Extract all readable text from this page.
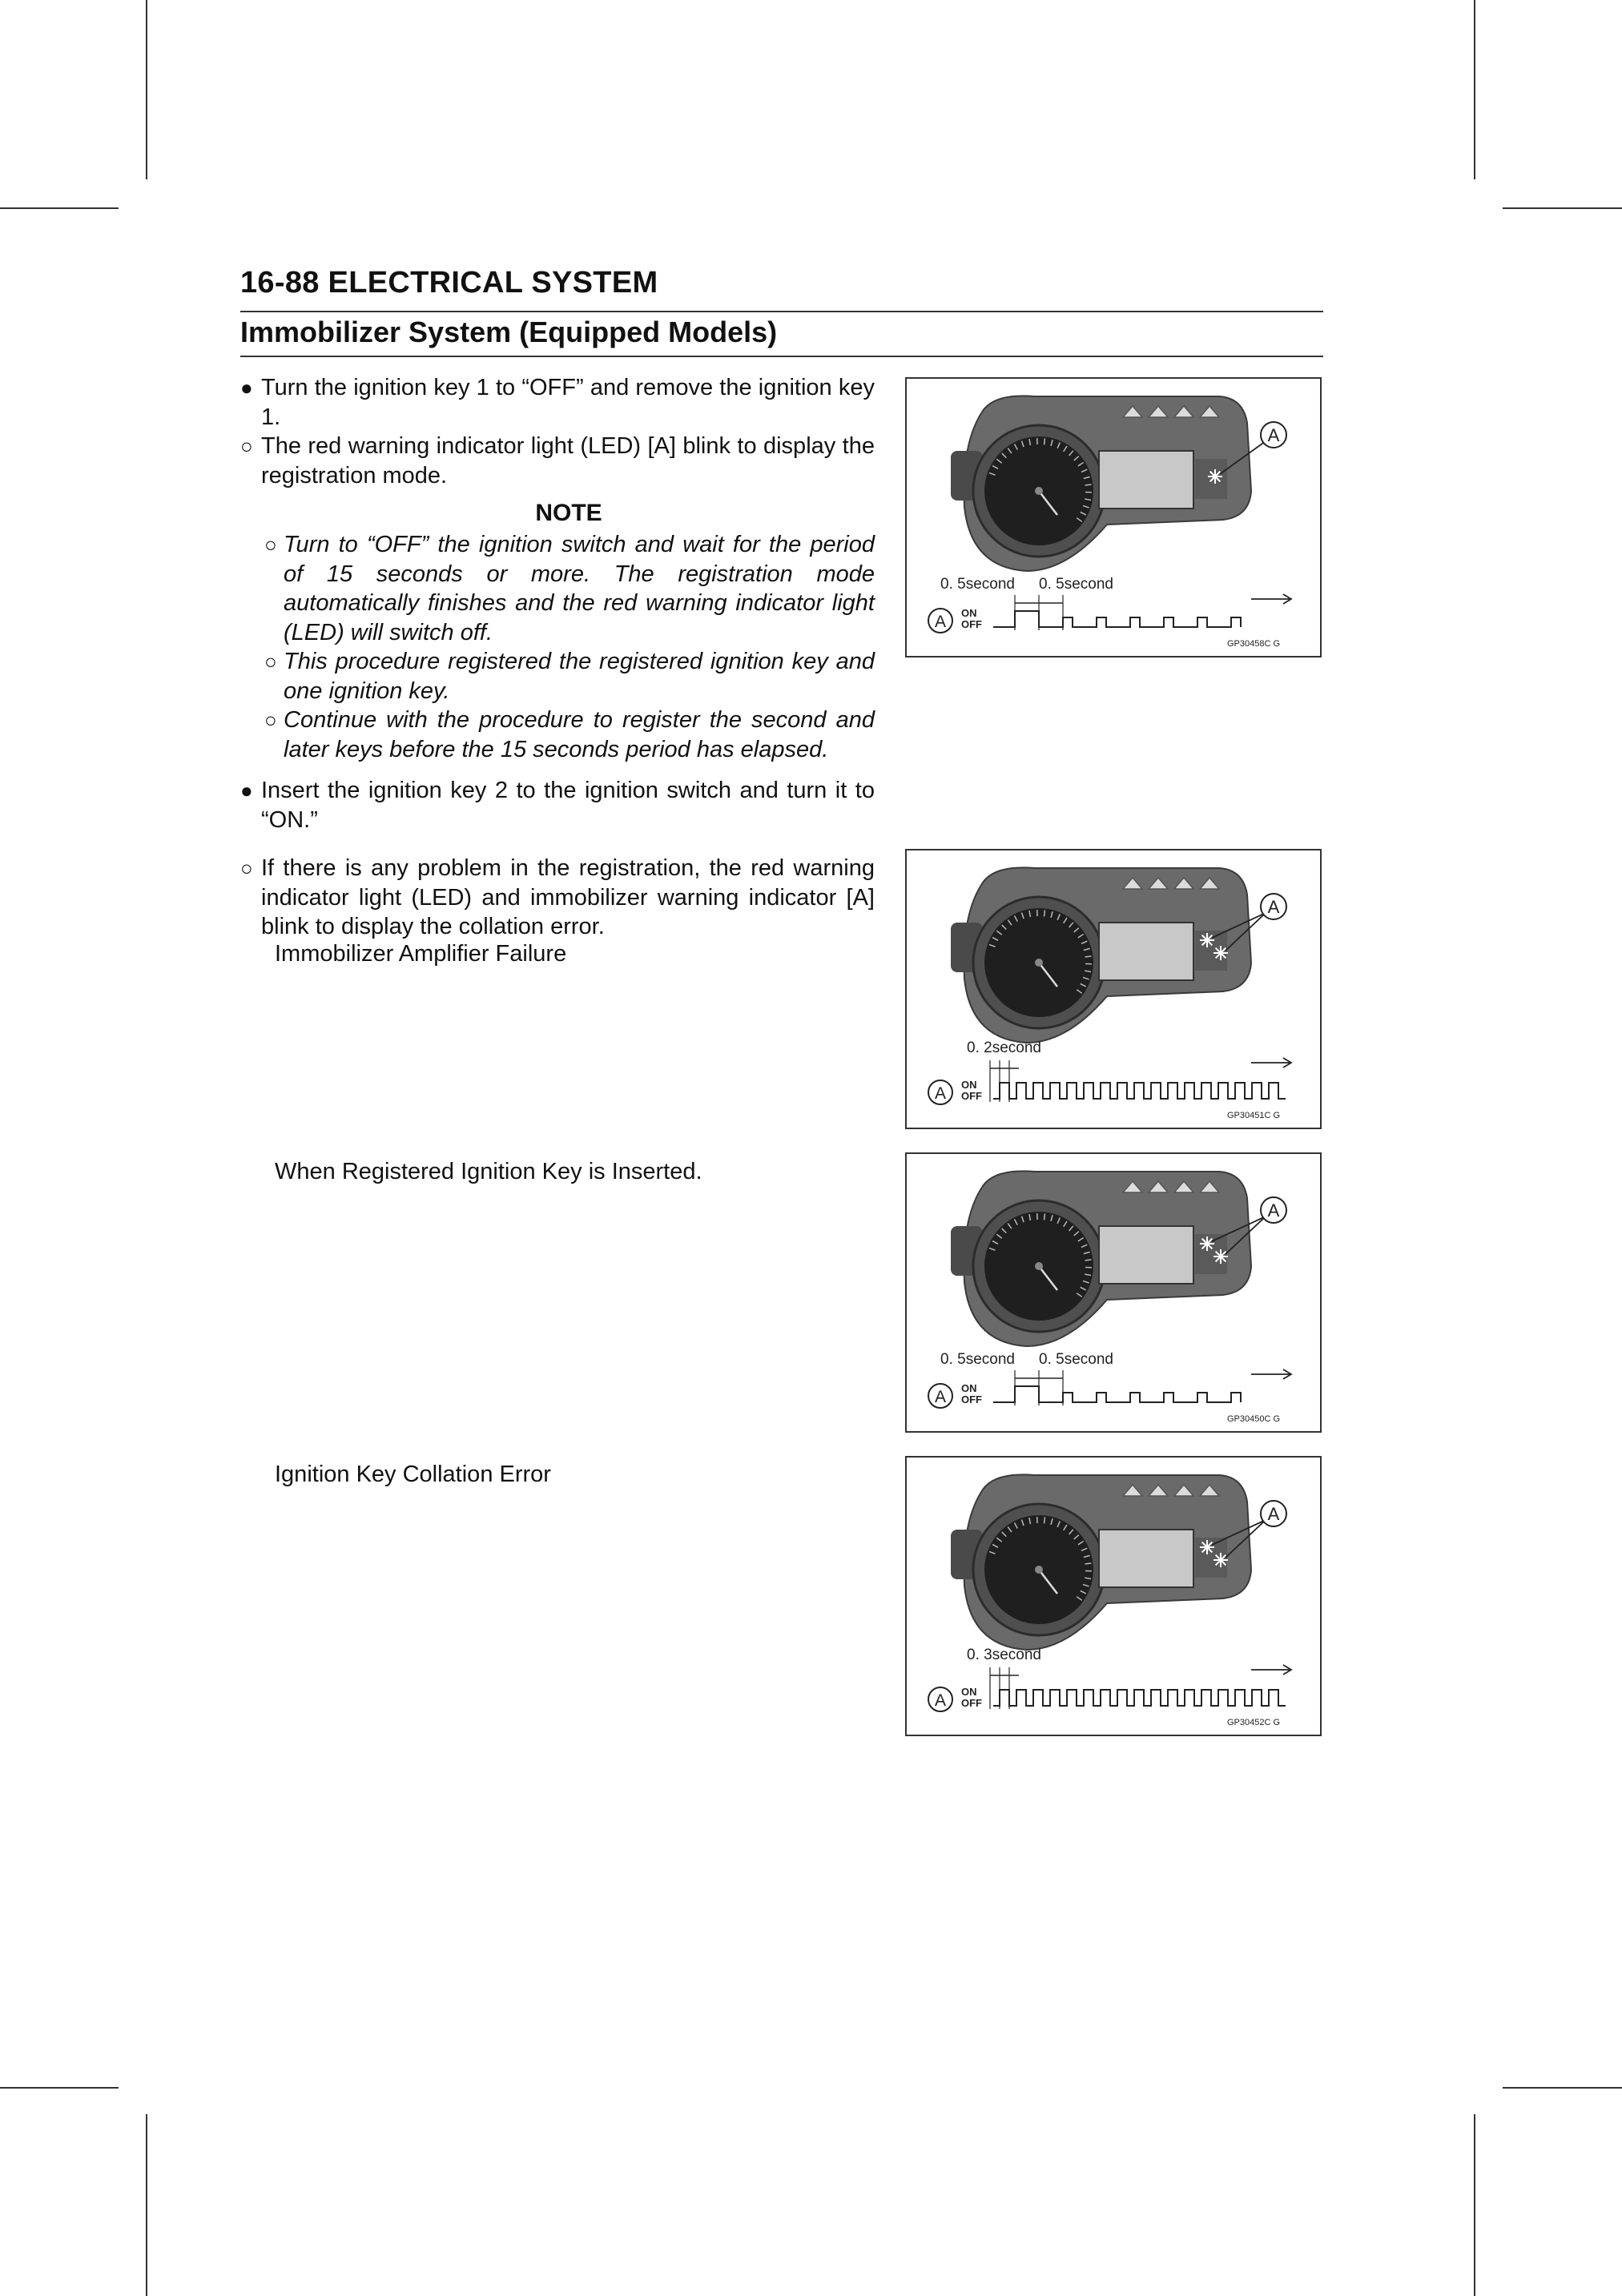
16-88 ELECTRICAL SYSTEM
Immobilizer System (Equipped Models)
● Turn the ignition key 1 to “OFF” and remove the ignition key 1.
○ The red warning indicator light (LED) [A] blink to display the registration mode.
NOTE
○ Turn to “OFF” the ignition switch and wait for the period of 15 seconds or more. The registration mode automatically finishes and the red warning indicator light (LED) will switch off.
○ This procedure registered the registered ignition key and one ignition key.
○ Continue with the procedure to register the second and later keys before the 15 seconds period has elapsed.
● Insert the ignition key 2 to the ignition switch and turn it to “ON.”
○ If there is any problem in the registration, the red warning indicator light (LED) and immobilizer warning indicator [A] blink to display the collation error.
Immobilizer Amplifier Failure
When Registered Ignition Key is Inserted.
Ignition Key Collation Error
A
0. 5second 0. 5second
A ON
OFF
GP30458C G
A
0. 2second
A ON
OFF
GP30451C G
A
0. 5second 0. 5second
A ON
OFF
GP30450C G
A
0. 3second
A ON
OFF
GP30452C G
